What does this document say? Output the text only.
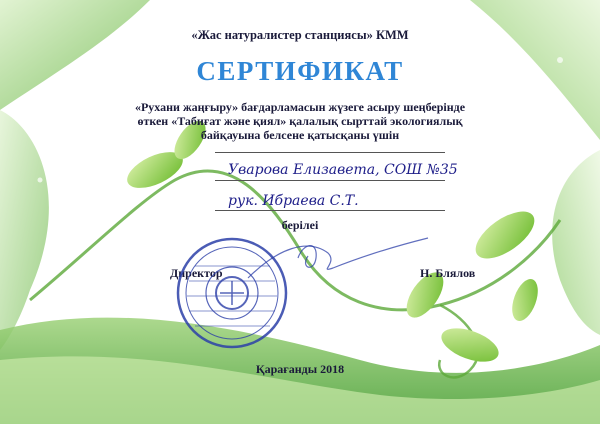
«Жас натуралистер станциясы» КММ
СЕРТИФИКАТ
«Рухани жаңғыру» бағдарламасын жүзеге асыру шеңберінде
өткен «Табиғат және қиял» қалалық сырттай экологиялық
байқауына белсене қатысқаны үшін
Уварова Елизавета, СОШ №35
рук. Ибраева С.Т.
берілеі
Директор	Н. Блялов
Қарағанды 2018
